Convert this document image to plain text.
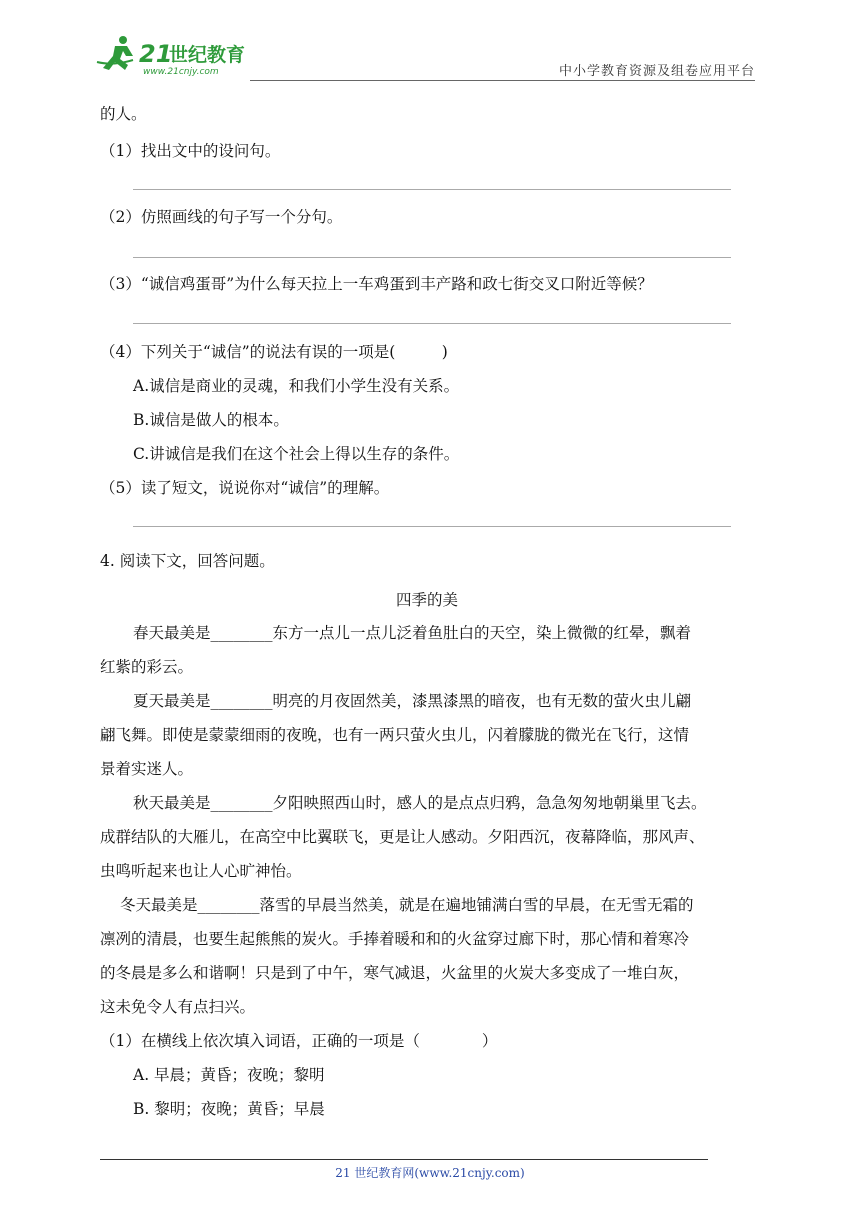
21
世纪教育
www.21cnjy.com	中小学教育资源及组卷应用平台
的人。
（1）找出文中的设问句。
（2）仿照画线的句子写一个分句。
（3）“诚信鸡蛋哥”为什么每天拉上一车鸡蛋到丰产路和政七街交叉口附近等候？
（4）下列关于“诚信”的说法有误的一项是(　　　)
A.诚信是商业的灵魂，和我们小学生没有关系。
B.诚信是做人的根本。
C.讲诚信是我们在这个社会上得以生存的条件。
（5）读了短文，说说你对“诚信”的理解。
4. 阅读下文，回答问题。
四季的美
春天最美是________东方一点儿一点儿泛着鱼肚白的天空，染上微微的红晕，飘着
红紫的彩云。
夏天最美是________明亮的月夜固然美，漆黑漆黑的暗夜，也有无数的萤火虫儿翩
翩飞舞。即使是蒙蒙细雨的夜晚，也有一两只萤火虫儿，闪着朦胧的微光在飞行，这情
景着实迷人。
秋天最美是________夕阳映照西山时，感人的是点点归鸦，急急匆匆地朝巢里飞去。
成群结队的大雁儿，在高空中比翼联飞，更是让人感动。夕阳西沉，夜幕降临，那风声、
虫鸣听起来也让人心旷神怡。
冬天最美是________落雪的早晨当然美，就是在遍地铺满白雪的早晨，在无雪无霜的
凛冽的清晨，也要生起熊熊的炭火。手捧着暖和和的火盆穿过廊下时，那心情和着寒冷
的冬晨是多么和谐啊！只是到了中午，寒气减退，火盆里的火炭大多变成了一堆白灰，
这未免令人有点扫兴。
（1）在横线上依次填入词语，正确的一项是（　　　　）
A. 早晨；黄昏；夜晚；黎明
B. 黎明；夜晚；黄昏；早晨
21 世纪教育网(www.21cnjy.com)
